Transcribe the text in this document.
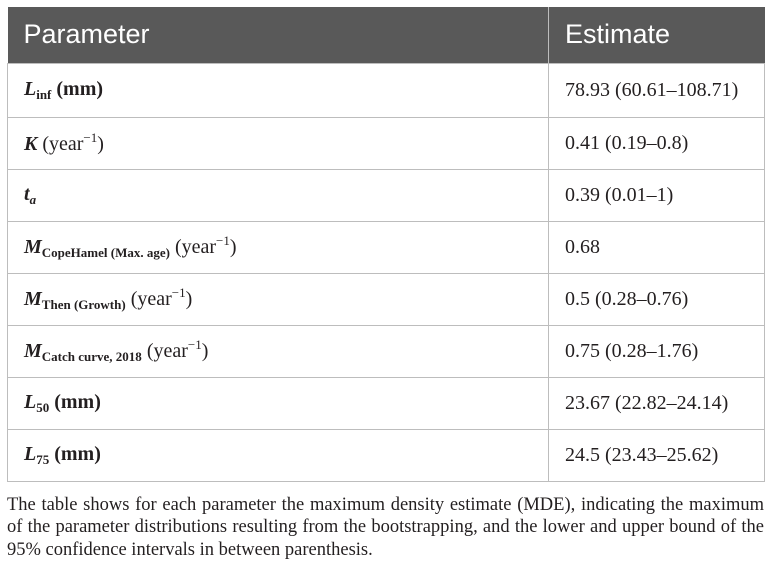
Parameter	Estimate
$L_{inf}$ (mm)	78.93 (60.61–108.71)
K (year$^{-1}$)	0.41 (0.19–0.8)
$t_a$	0.39 (0.01–1)
$M_{CopeHamel (Max. age)}$ (year$^{-1}$)	0.68
$M_{Then (Growth)}$ (year$^{-1}$)	0.5 (0.28–0.76)
$M_{Catch curve, 2018}$ (year$^{-1}$)	0.75 (0.28–1.76)
$L_{50}$ (mm)	23.67 (22.82–24.14)
$L_{75}$ (mm)	24.5 (23.43–25.62)
The table shows for each parameter the maximum density estimate (MDE), indicating the maximum of the parameter distributions resulting from the bootstrapping, and the lower and upper bound of the 95% confidence intervals in between parenthesis.
